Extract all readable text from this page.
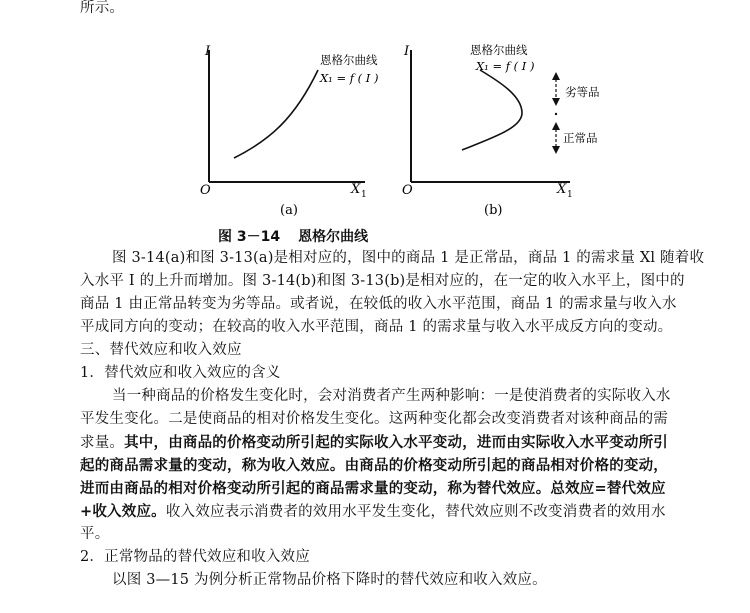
所示。
I
O	X 1
恩格尔曲线
X₁ = f ( I )
(a)
I
O	X 1
恩格尔曲线
X₁ = f ( I )
劣等品
正常品
(b)
图 3－14 恩格尔曲线
图 3-14(a)和图 3-13(a)是相对应的，图中的商品 1 是正常品，商品 1 的需求量 Xl 随着收
入水平 I 的上升而增加。图 3-14(b)和图 3-13(b)是相对应的，在一定的收入水平上，图中的
商品 1 由正常品转变为劣等品。或者说，在较低的收入水平范围，商品 1 的需求量与收入水
平成同方向的变动；在较高的收入水平范围，商品 1 的需求量与收入水平成反方向的变动。
三、替代效应和收入效应
1．替代效应和收入效应的含义
当一种商品的价格发生变化时，会对消费者产生两种影响：一是使消费者的实际收入水
平发生变化。二是使商品的相对价格发生变化。这两种变化都会改变消费者对该种商品的需
求量。其中，由商品的价格变动所引起的实际收入水平变动，进而由实际收入水平变动所引
起的商品需求量的变动，称为收入效应。由商品的价格变动所引起的商品相对价格的变动，
进而由商品的相对价格变动所引起的商品需求量的变动，称为替代效应。总效应=替代效应
+收入效应。收入效应表示消费者的效用水平发生变化，替代效应则不改变消费者的效用水
平。
2．正常物品的替代效应和收入效应
以图 3—15 为例分析正常物品价格下降时的替代效应和收入效应。
